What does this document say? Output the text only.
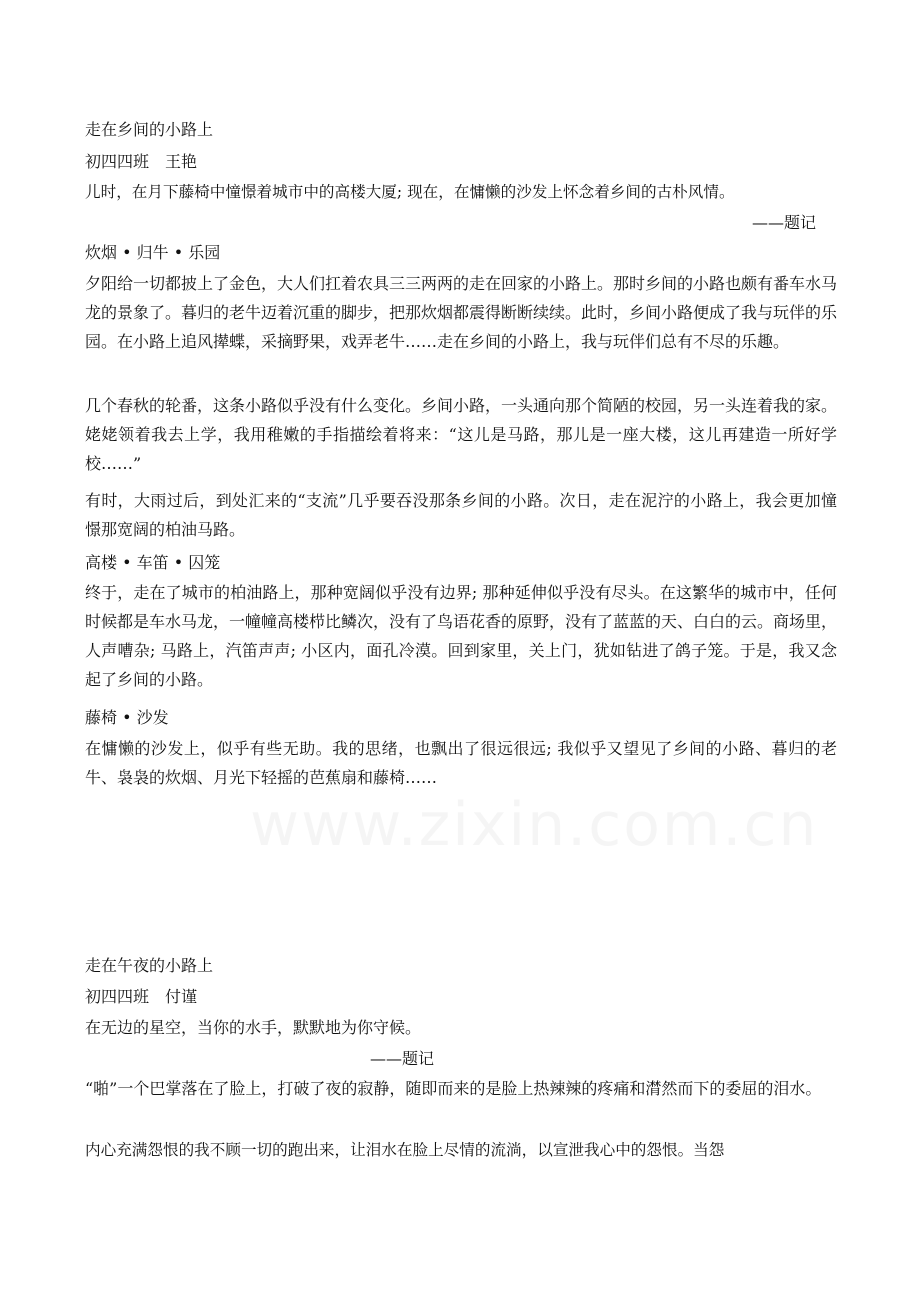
走在乡间的小路上

初四四班　王艳

儿时，在月下藤椅中憧憬着城市中的高楼大厦; 现在，在慵懒的沙发上怀念着乡间的古朴风情。

——题记

炊烟 • 归牛 • 乐园

夕阳给一切都披上了金色，大人们扛着农具三三两两的走在回家的小路上。那时乡间的小路也颇有番车水马龙的景象了。暮归的老牛迈着沉重的脚步，把那炊烟都震得断断续续。此时，乡间小路便成了我与玩伴的乐园。在小路上追风撵蝶，采摘野果，戏弄老牛……走在乡间的小路上，我与玩伴们总有不尽的乐趣。

几个春秋的轮番，这条小路似乎没有什么变化。乡间小路，一头通向那个简陋的校园，另一头连着我的家。姥姥领着我去上学，我用稚嫩的手指描绘着将来：“这儿是马路，那儿是一座大楼，这儿再建造一所好学校……”

有时，大雨过后，到处汇来的“支流”几乎要吞没那条乡间的小路。次日，走在泥泞的小路上，我会更加憧憬那宽阔的柏油马路。

高楼 • 车笛 • 囚笼

终于，走在了城市的柏油路上，那种宽阔似乎没有边界; 那种延伸似乎没有尽头。在这繁华的城市中，任何时候都是车水马龙，一幢幢高楼栉比鳞次，没有了鸟语花香的原野，没有了蓝蓝的天、白白的云。商场里，人声嘈杂; 马路上，汽笛声声; 小区内，面孔冷漠。回到家里，关上门，犹如钻进了鸽子笼。于是，我又念起了乡间的小路。

藤椅 • 沙发

在慵懒的沙发上，似乎有些无助。我的思绪，也飘出了很远很远; 我似乎又望见了乡间的小路、暮归的老牛、袅袅的炊烟、月光下轻摇的芭蕉扇和藤椅……

www.zixin.com.cn

走在午夜的小路上

初四四班　付谨

在无边的星空，当你的水手，默默地为你守候。

——题记

“啪”一个巴掌落在了脸上，打破了夜的寂静，随即而来的是脸上热辣辣的疼痛和潸然而下的委屈的泪水。

内心充满怨恨的我不顾一切的跑出来，让泪水在脸上尽情的流淌，以宣泄我心中的怨恨。当怨
